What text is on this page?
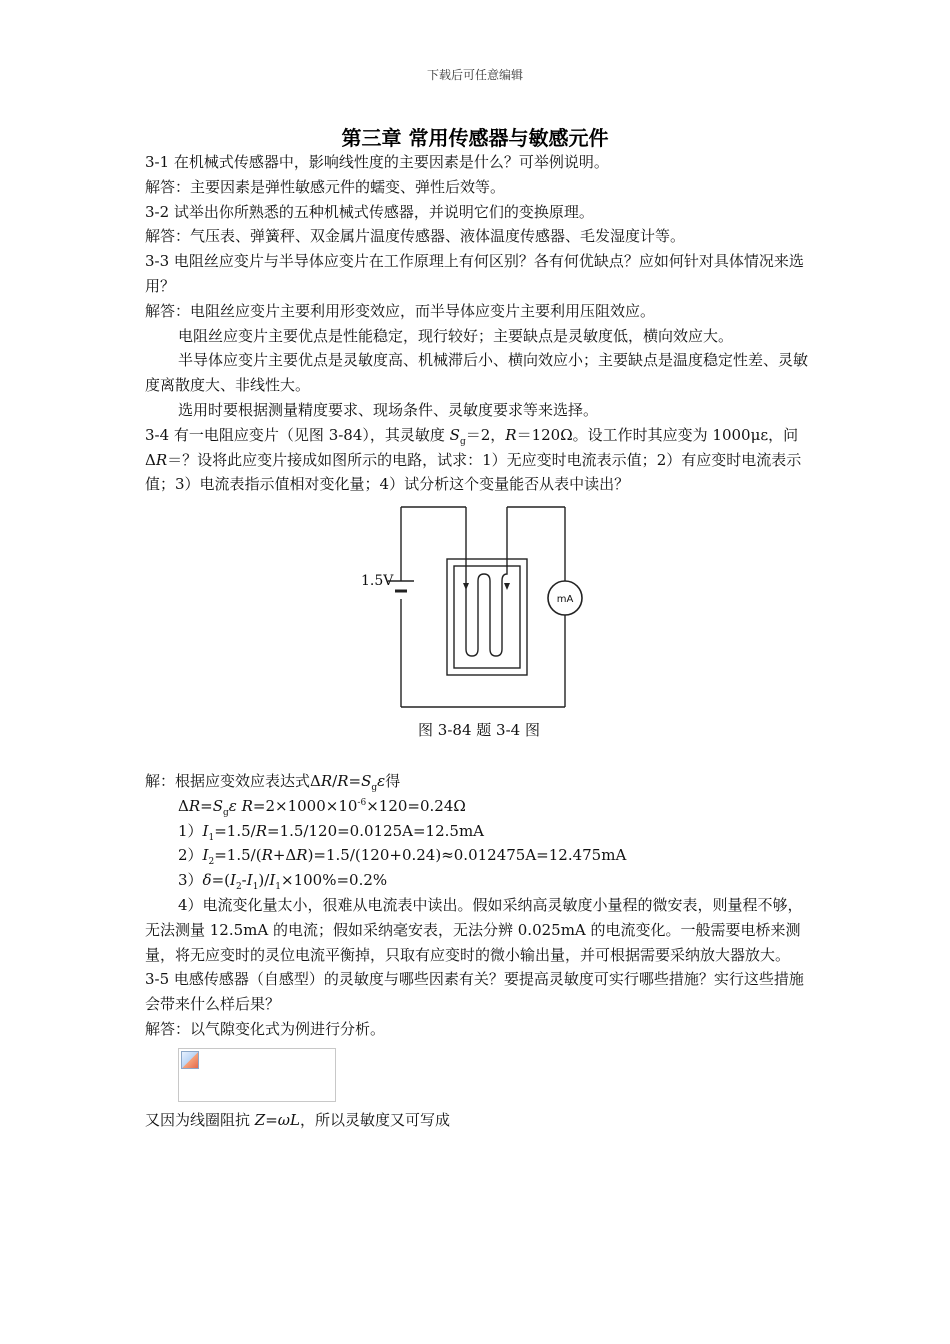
下载后可任意编辑
第三章 常用传感器与敏感元件

3-1 在机械式传感器中，影响线性度的主要因素是什么？可举例说明。

解答：主要因素是弹性敏感元件的蠕变、弹性后效等。

3-2 试举出你所熟悉的五种机械式传感器，并说明它们的变换原理。

解答：气压表、弹簧秤、双金属片温度传感器、液体温度传感器、毛发湿度计等。

3-3 电阻丝应变片与半导体应变片在工作原理上有何区别？各有何优缺点？应如何针对具体情况来选用？

解答：电阻丝应变片主要利用形变效应，而半导体应变片主要利用压阻效应。

电阻丝应变片主要优点是性能稳定，现行较好；主要缺点是灵敏度低，横向效应大。

半导体应变片主要优点是灵敏度高、机械滞后小、横向效应小；主要缺点是温度稳定性差、灵敏度离散度大、非线性大。

选用时要根据测量精度要求、现场条件、灵敏度要求等来选择。

3-4 有一电阻应变片（见图 3-84），其灵敏度 $S_g=2$，R＝120Ω。设工作时其应变为 1000με，问ΔR＝？设将此应变片接成如图所示的电路，试求：1）无应变时电流表示值；2）有应变时电流表示值；3）电流表指示值相对变化量；4）试分析这个变量能否从表中读出？

1.5V
mA

图 3-84 题 3-4 图

解：根据应变效应表达式$\Delta R/R=S_g\varepsilon$得

$\Delta R=S_g\varepsilon$ $R=2\times 1000\times 10^{-6}\times 120=0.24\Omega$

$1)I_1=1.5/R=1.5/120=0.0125A=12.5mA$

$2)I_2=1.5/(R+\Delta R)=1.5/(120+0.24)\approx 0.012475A=12.475mA$

$3)\delta=(I_2-I_1)/I_1\times 100\%=0.2\%$

4）电流变化量太小，很难从电流表中读出。假如采纳高灵敏度小量程的微安表，则量程不够，无法测量 12.5mA 的电流；假如采纳毫安表，无法分辨 0.025mA 的电流变化。一般需要电桥来测量，将无应变时的灵位电流平衡掉，只取有应变时的微小输出量，并可根据需要采纳放大器放大。

3-5 电感传感器（自感型）的灵敏度与哪些因素有关？要提高灵敏度可实行哪些措施？实行这些措施会带来什么样后果？

解答：以气隙变化式为例进行分析。

又因为线圈阻抗 Z=ωL，所以灵敏度又可写成
